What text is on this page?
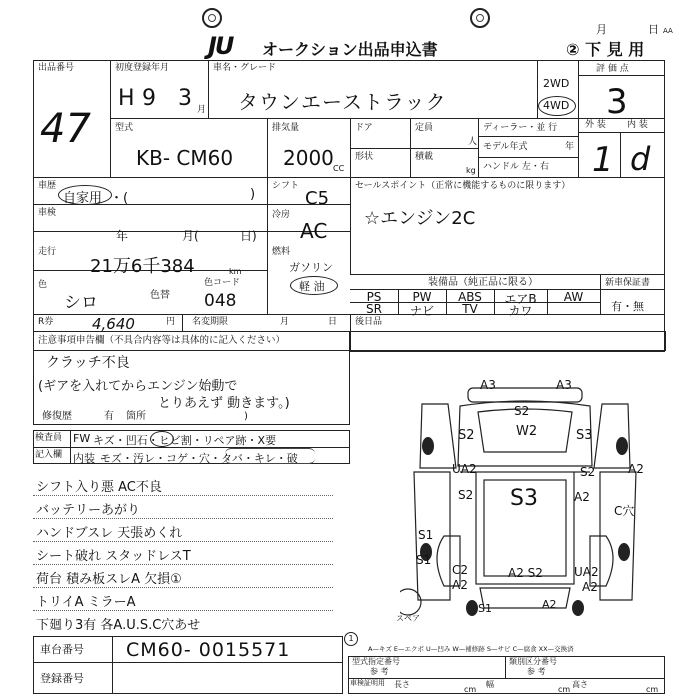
月	日 AA
JU オークション出品申込書	② 下 見 用
出品番号
47
初度登録年月
H 9 3 月
車名・グレード
タウンエーストラック
2WD
4WD
評 価 点
3
型式
KB- CM60
排気量
2000 CC
ドア	定員
人
形状	積載
kg
ディーラー・並 行
モデル年式	年
ハンドル 左・右
外 装 内 装
1 d
車歴
自家用 ・(	)
シフト
C5
セールスポイント（正常に機能するものに限ります）
☆エンジン2C
車検
年	月(	日)
冷房
AC
走行
21万6千384	km
燃料
ガソリン
軽 油
色
シロ	色替
色コード
048
R券	4,640	円 名変期限	月	日 後日品
装備品（純正品に限る）
PS	PW	ABS	エアB	AW
SR	ナビ	TV	カワ
新車保証書
有・無
注意事項申告欄（不具合内容等は具体的に記入ください）
クラッチ不良
(ギアを入れてからエンジン始動で
とりあえず 動きます。)
修復歴	有 箇所	)
検査員
記入欄
FW キズ・凹石・ヒビ割・リペア跡・X要
内装 モズ・汚レ・コゲ・穴・タバ・キレ・破
シフト入り悪 AC不良
バッテリーあがり
ハンドブスレ 天張めくれ
シート破れ スタッドレスT
荷台 積み板スレA 欠損①
トリイA ミラーA
下廻り3有 各A.U.S.C穴あせ
A3	A3
S2
W2
S2	S3
UA2	S2	A2
S2 S3	A2
C穴
S1
S1
C2
A2
A2 S2	UA2
A2
S1	A2
スペア
A—キズ E—エクボ U—凹み W—補修跡 S—サビ C—腐食 XX—交換済
車台番号 CM60- 0015571
1
登録番号
型式指定番号
参 考
類別区分番号
参 考
車検証明用 長さ
cm
幅
cm
高さ
cm
